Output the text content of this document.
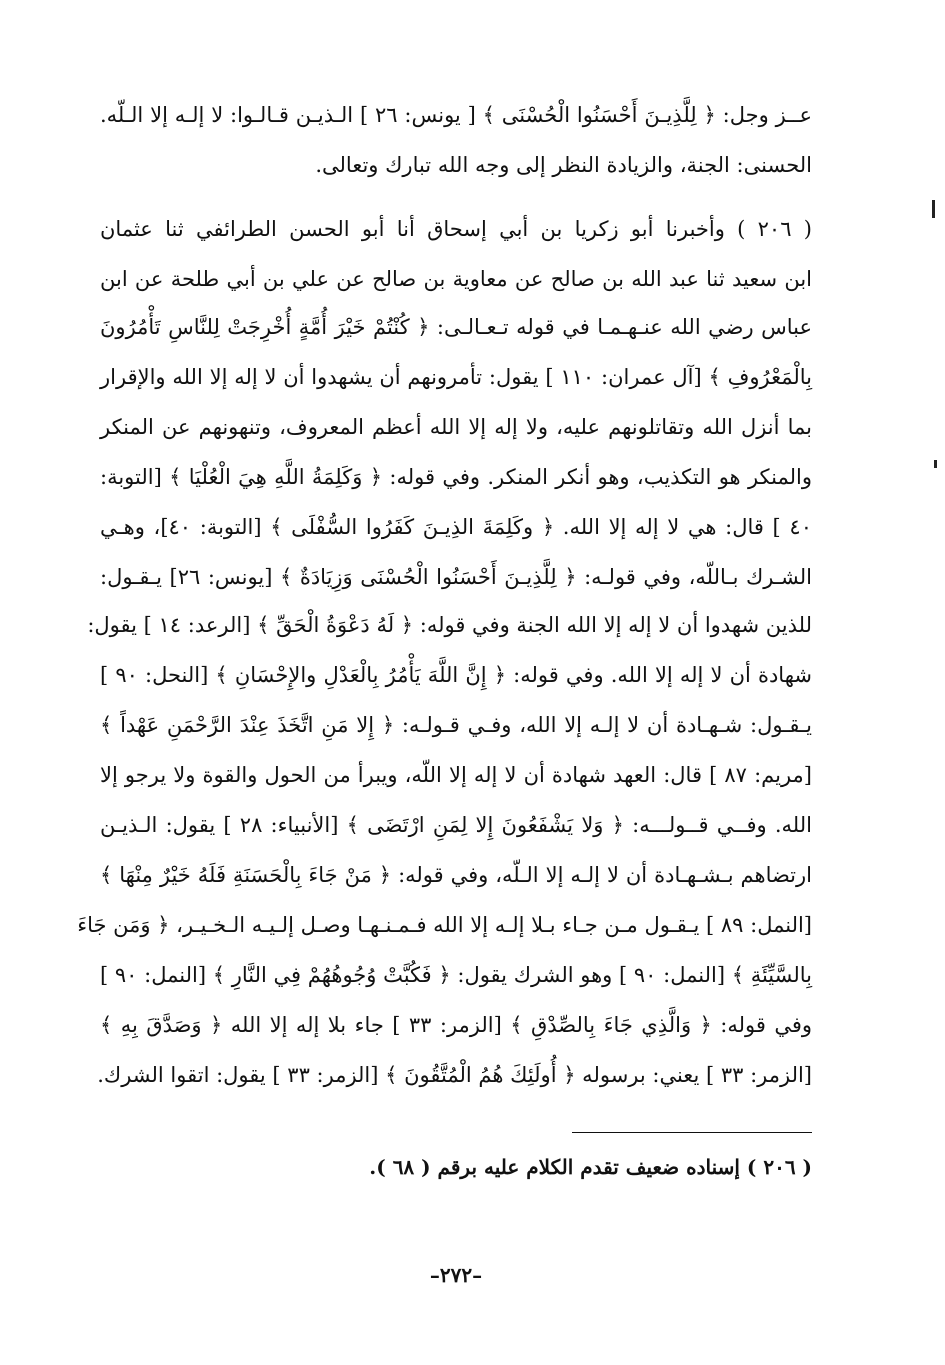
عــز وجل: ﴿ لِلَّذِيـنَ أَحْسَنُوا الْحُسْنَى ﴾ [ يونس: ٢٦ ] الـذيـن قـالـوا: لا إلـه إلا الـلّه.
الحسنى: الجنة، والزيادة النظر إلى وجه الله تبارك وتعالى.
( ٢٠٦ ) وأخبرنا أبو زكريا بن أبي إسحاق أنا أبو الحسن الطرائفي ثنا عثمان
ابن سعيد ثنا عبد الله بن صالح عن معاوية بن صالح عن علي بن أبي طلحة عن ابن
عباس رضي الله عنـهـمـا في قوله تـعـالـى: ﴿ كُنْتُمْ خَيْرَ أُمَّةٍ أُخْرِجَتْ لِلنَّاسِ تَأْمُرُونَ
بِالْمَعْرُوفِ ﴾ [آل عمران: ١١٠ ] يقول: تأمرونهم أن يشهدوا أن لا إله إلا الله والإقرار
بما أنزل الله وتقاتلونهم عليه، ولا إله إلا الله أعظم المعروف، وتنهونهم عن المنكر
والمنكر هو التكذيب، وهو أنكر المنكر. وفي قوله: ﴿ وَكَلِمَةُ اللَّهِ هِيَ الْعُلْيَا ﴾ [التوبة:
٤٠ ] قال: هي لا إله إلا الله. ﴿ وكَلِمَةَ الذِيـنَ كَفَرُوا السُّفْلَى ﴾ [التوبة: ٤٠]، وهـي
الشـرك بـاللّه، وفي قولـه: ﴿ لِلَّذِيـنَ أَحْسَنُوا الْحُسْنَى وَزِيَادَةٌ ﴾ [يونس: ٢٦] يـقـول:
للذين شهدوا أن لا إله إلا الله الجنة وفي قوله: ﴿ لَهُ دَعْوَةُ الْحَقِّ ﴾ [الرعد: ١٤ ] يقول:
شهادة أن لا إله إلا الله. وفي قوله: ﴿ إِنَّ اللَّهَ يَأْمُرُ بِالْعَدْلِ والإِحْسَانِ ﴾ [النحل: ٩٠ ]
يـقـول: شـهـادة أن لا إلـه إلا الله، وفـي قـولـه: ﴿ إِلا مَنِ اتَّخَذَ عِنْدَ الرَّحْمَنِ عَهْداً ﴾
[مريم: ٨٧ ] قال: العهد شهادة أن لا إله إلا اللّه، ويبرأ من الحول والقوة ولا يرجو إلا
الله. وفــي قــولـــه: ﴿ وَلا يَشْفَعُونَ إِلا لِمَنِ ارْتَضَى ﴾ [الأنبياء: ٢٨ ] يقول: الـذيـن
ارتضاهم بـشـهـادة أن لا إلـه إلا الـلّه، وفي قوله: ﴿ مَنْ جَاءَ بِالْحَسَنَةِ فَلَهُ خَيْرٌ مِنْهَا ﴾
[النمل: ٨٩ ] يـقـول مـن جـاء بـلا إلـه إلا الله فـمـنـهـا وصـل إلـيـه الـخـيـر، ﴿ وَمَن جَاءَ
بِالسَّيِّئَةِ ﴾ [النمل: ٩٠ ] وهو الشرك يقول: ﴿ فَكُبَّتْ وُجُوهُهُمْ فِي النَّارِ ﴾ [النمل: ٩٠ ]
وفي قوله: ﴿ وَالَّذِي جَاءَ بِالصِّدْقِ ﴾ [الزمر: ٣٣ ] جاء بلا إله إلا الله ﴿ وَصَدَّقَ بِهِ ﴾
[الزمر: ٣٣ ] يعني: برسوله ﴿ أُولَئِكَ هُمُ الْمُتَّقُونَ ﴾ [الزمر: ٣٣ ] يقول: اتقوا الشرك.
( ٢٠٦ ) إسناده ضعيف تقدم الكلام عليه برقم ( ٦٨ ).
–٢٧٢–
